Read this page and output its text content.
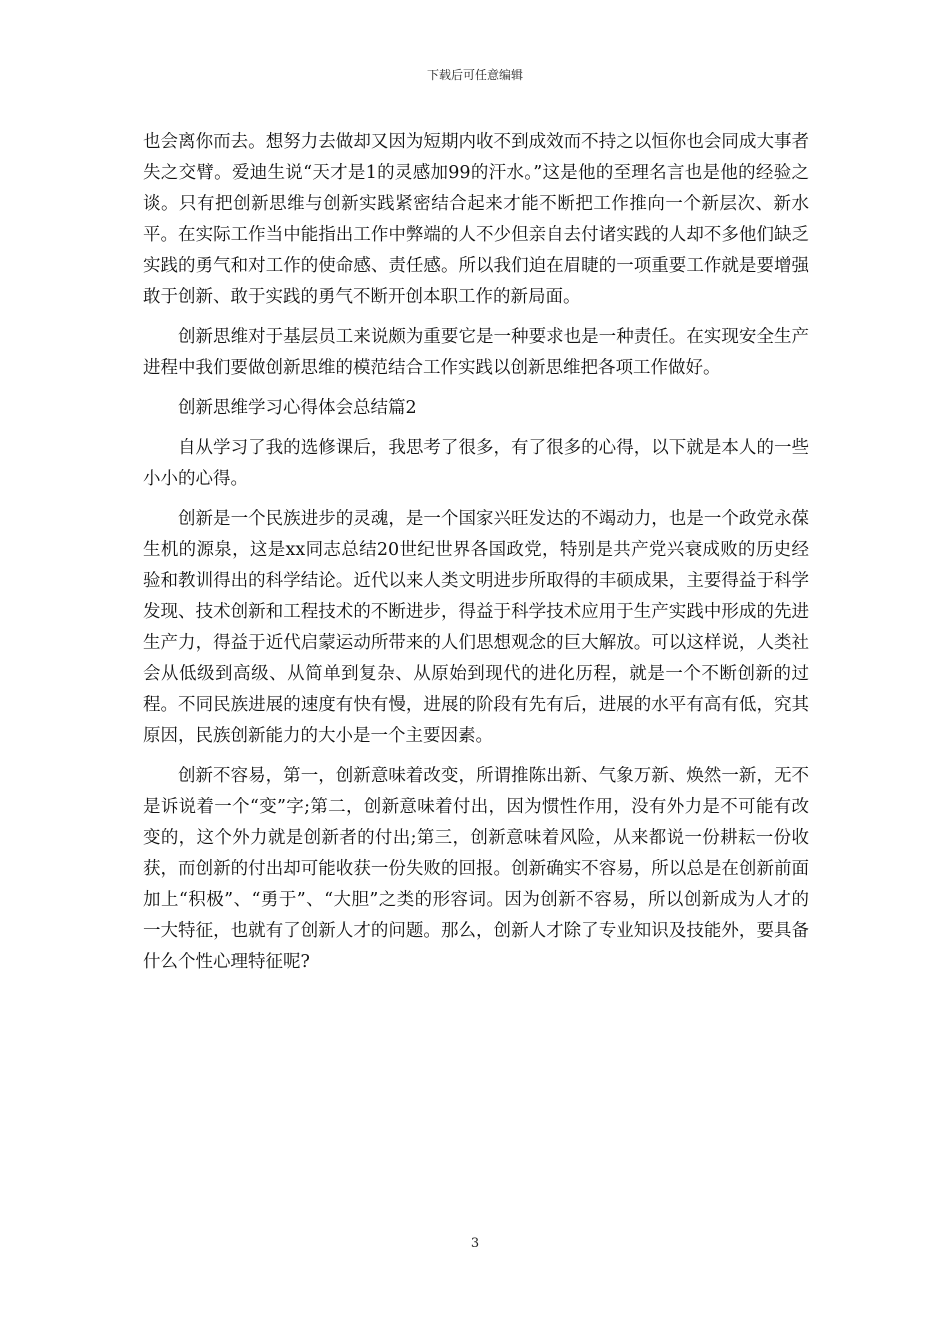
下载后可任意编辑

也会离你而去。想努力去做却又因为短期内收不到成效而不持之以恒你也会同成大事者失之交臂。爱迪生说“天才是1的灵感加99的汗水。”这是他的至理名言也是他的经验之谈。只有把创新思维与创新实践紧密结合起来才能不断把工作推向一个新层次、新水平。在实际工作当中能指出工作中弊端的人不少但亲自去付诸实践的人却不多他们缺乏实践的勇气和对工作的使命感、责任感。所以我们迫在眉睫的一项重要工作就是要增强敢于创新、敢于实践的勇气不断开创本职工作的新局面。

创新思维对于基层员工来说颇为重要它是一种要求也是一种责任。在实现安全生产进程中我们要做创新思维的模范结合工作实践以创新思维把各项工作做好。

创新思维学习心得体会总结篇2

自从学习了我的选修课后，我思考了很多，有了很多的心得，以下就是本人的一些小小的心得。

创新是一个民族进步的灵魂，是一个国家兴旺发达的不竭动力，也是一个政党永葆生机的源泉，这是xx同志总结20世纪世界各国政党，特别是共产党兴衰成败的历史经验和教训得出的科学结论。近代以来人类文明进步所取得的丰硕成果，主要得益于科学发现、技术创新和工程技术的不断进步，得益于科学技术应用于生产实践中形成的先进生产力，得益于近代启蒙运动所带来的人们思想观念的巨大解放。可以这样说，人类社会从低级到高级、从简单到复杂、从原始到现代的进化历程，就是一个不断创新的过程。不同民族进展的速度有快有慢，进展的阶段有先有后，进展的水平有高有低，究其原因，民族创新能力的大小是一个主要因素。

创新不容易，第一，创新意味着改变，所谓推陈出新、气象万新、焕然一新，无不是诉说着一个“变”字;第二，创新意味着付出，因为惯性作用，没有外力是不可能有改变的，这个外力就是创新者的付出;第三，创新意味着风险，从来都说一份耕耘一份收获，而创新的付出却可能收获一份失败的回报。创新确实不容易，所以总是在创新前面加上“积极”、“勇于”、“大胆”之类的形容词。因为创新不容易，所以创新成为人才的一大特征，也就有了创新人才的问题。那么，创新人才除了专业知识及技能外，要具备什么个性心理特征呢?

3
